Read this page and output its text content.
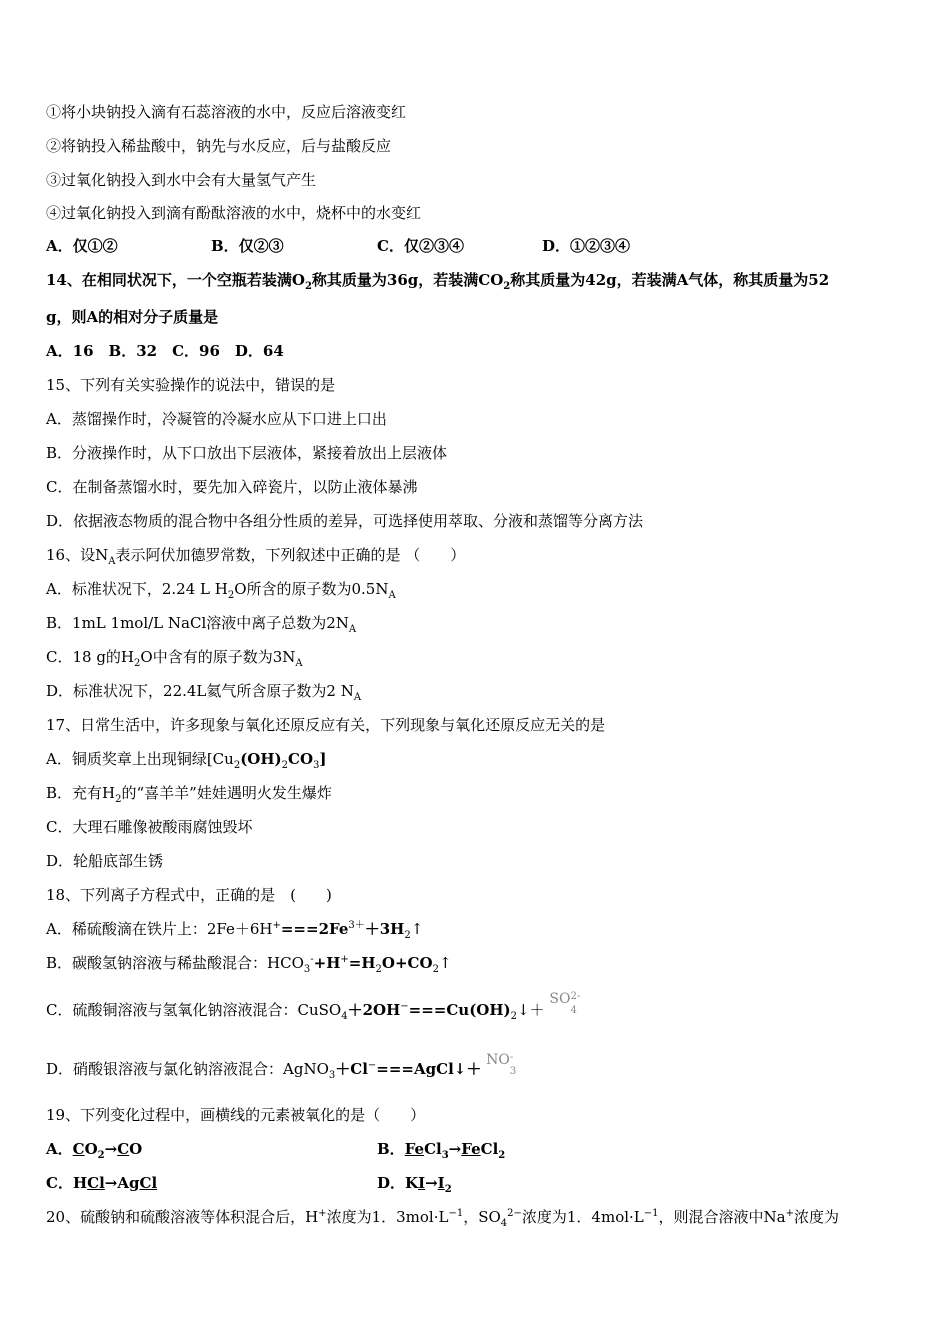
①将小块钠投入滴有石蕊溶液的水中，反应后溶液变红
②将钠投入稀盐酸中，钠先与水反应，后与盐酸反应
③过氧化钠投入到水中会有大量氢气产生
④过氧化钠投入到滴有酚酞溶液的水中，烧杯中的水变红
A．仅①②	B．仅②③	C．仅②③④	D．①②③④
14、在相同状况下，一个空瓶若装满$O_2$称其质量为36g，若装满$CO_2$称其质量为42g，若装满A气体，称其质量为52
g，则A的相对分子质量是
A．16　B．32　C．96　D．64
15、下列有关实验操作的说法中，错误的是
A．蒸馏操作时，冷凝管的冷凝水应从下口进上口出
B．分液操作时，从下口放出下层液体，紧接着放出上层液体
C．在制备蒸馏水时，要先加入碎瓷片，以防止液体暴沸
D．依据液态物质的混合物中各组分性质的差异，可选择使用萃取、分液和蒸馏等分离方法
16、设$N_A$表示阿伏加德罗常数，下列叙述中正确的是 （　　）
A．标准状况下，2.24 L $H_2O$所含的原子数为$0.5N_A$
B．1mL 1mol/L NaCl溶液中离子总数为$2N_A$
C．18 g的$H_2O$中含有的原子数为$3N_A$
D．标准状况下，22.4L氦气所含原子数为2 $N_A$
17、日常生活中，许多现象与氧化还原反应有关，下列现象与氧化还原反应无关的是
A．铜质奖章上出现铜绿$[Cu_2(OH)_2CO_3]$
B．充有$H_2$的“喜羊羊”娃娃遇明火发生爆炸
C．大理石雕像被酸雨腐蚀毁坏
D．轮船底部生锈
18、下列离子方程式中，正确的是　(　　)
A．稀硫酸滴在铁片上：$2Fe+6H^+===2Fe^{3+}+3H_2↑$
B．碳酸氢钠溶液与稀盐酸混合：$HCO_3^-+H^+=H_2O+CO_2↑$
C．硫酸铜溶液与氢氧化钠溶液混合：$CuSO_4+2OH^-===Cu(OH)_2↓+$ SO 2-
4
D．硝酸银溶液与氯化钠溶液混合：AgNO$_3$＋Cl−===AgCl↓＋ NO -
3
19、下列变化过程中，画横线的元素被氧化的是（　　）
A．$CO_2\to CO$	B．FeCl$_3$→FeCl$_2$
C．HCl→AgCl	D．$KI\to I_2$
20、硫酸钠和硫酸溶液等体积混合后，H+浓度为1．$3mol\cdot L^{-1}$，$SO_4^{2-}$浓度为1．$4mol\cdot L^{-1}$，则混合溶液中Na+浓度为
